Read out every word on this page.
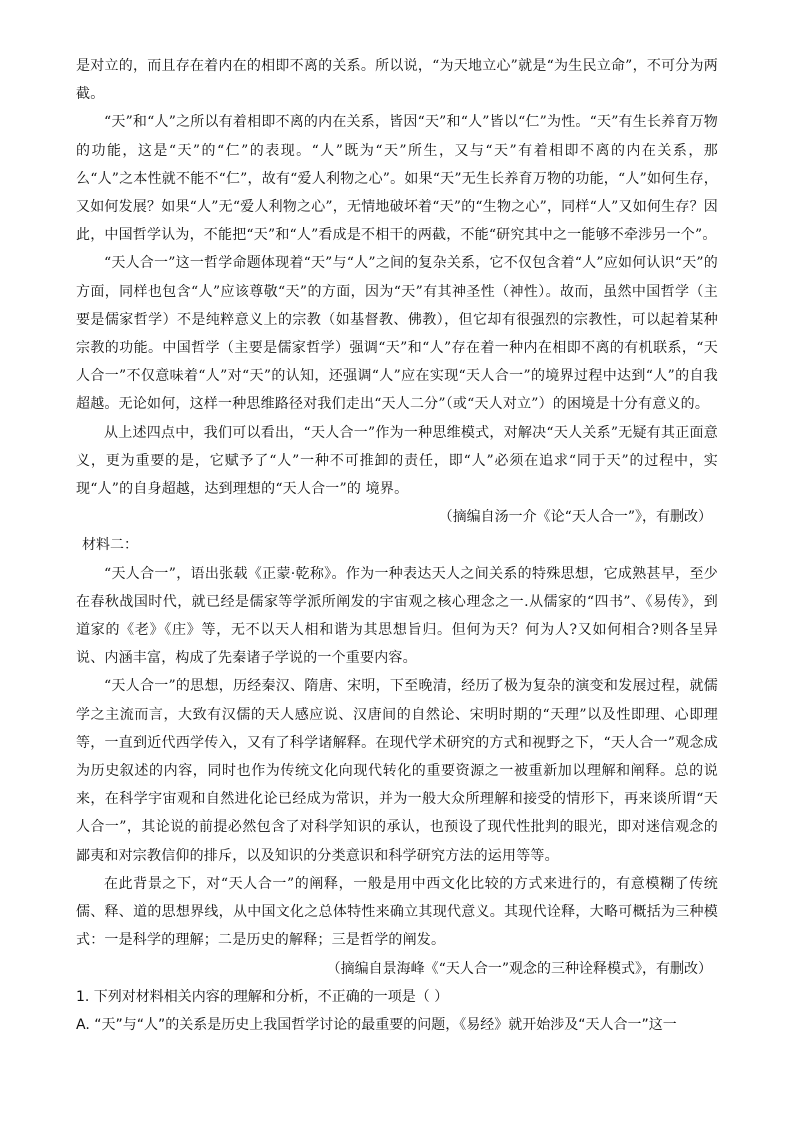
是对立的，而且存在着内在的相即不离的关系。所以说，“为天地立心”就是“为生民立命”，不可分为两截。

“天”和“人”之所以有着相即不离的内在关系，皆因“天”和“人”皆以“仁”为性。“天”有生长养育万物的功能，这是“天”的“仁”的表现。“人”既为“天”所生，又与“天”有着相即不离的内在关系，那么“人”之本性就不能不“仁”，故有“爱人利物之心”。如果“天”无生长养育万物的功能，“人”如何生存，又如何发展？如果“人”无“爱人利物之心”，无情地破坏着“天”的“生物之心”，同样“人”又如何生存？因此，中国哲学认为，不能把“天”和“人”看成是不相干的两截，不能“研究其中之一能够不牵涉另一个”。

“天人合一”这一哲学命题体现着“天”与“人”之间的复杂关系，它不仅包含着“人”应如何认识“天”的方面，同样也包含“人”应该尊敬“天”的方面，因为“天”有其神圣性（神性）。故而，虽然中国哲学（主要是儒家哲学）不是纯粹意义上的宗教（如基督教、佛教），但它却有很强烈的宗教性，可以起着某种宗教的功能。中国哲学（主要是儒家哲学）强调“天”和“人”存在着一种内在相即不离的有机联系，“天人合一”不仅意味着“人”对“天”的认知，还强调“人”应在实现“天人合一”的境界过程中达到“人”的自我超越。无论如何，这样一种思维路径对我们走出“天人二分”（或“天人对立”）的困境是十分有意义的。

从上述四点中，我们可以看出，“天人合一”作为一种思维模式，对解决“天人关系”无疑有其正面意义，更为重要的是，它赋予了“人”一种不可推卸的责任，即“人”必须在追求“同于天”的过程中，实现“人”的自身超越，达到理想的“天人合一”的 境界。

（摘编自汤一介《论“天人合一”》，有删改）

材料二：

“天人合一”，语出张载《正蒙·乾称》。作为一种表达天人之间关系的特殊思想，它成熟甚早，至少在春秋战国时代，就已经是儒家等学派所阐发的宇宙观之核心理念之一.从儒家的“四书”、《易传》，到道家的《老》《庄》等，无不以天人相和谐为其思想旨归。但何为天？何为人?又如何相合?则各呈异说、内涵丰富，构成了先秦诸子学说的一个重要内容。

“天人合一”的思想，历经秦汉、隋唐、宋明，下至晚清，经历了极为复杂的演变和发展过程，就儒学之主流而言，大致有汉儒的天人感应说、汉唐间的自然论、宋明时期的“天理”以及性即理、心即理等，一直到近代西学传入，又有了科学诸解释。在现代学术研究的方式和视野之下，“天人合一”观念成为历史叙述的内容，同时也作为传统文化向现代转化的重要资源之一被重新加以理解和阐释。总的说来，在科学宇宙观和自然进化论已经成为常识，并为一般大众所理解和接受的情形下，再来谈所谓“天人合一”，其论说的前提必然包含了对科学知识的承认，也预设了现代性批判的眼光，即对迷信观念的鄙夷和对宗教信仰的排斥，以及知识的分类意识和科学研究方法的运用等等。

在此背景之下，对“天人合一”的阐释，一般是用中西文化比较的方式来进行的，有意模糊了传统儒、释、道的思想界线，从中国文化之总体特性来确立其现代意义。其现代诠释，大略可概括为三种模式：一是科学的理解；二是历史的解释；三是哲学的阐发。

（摘编自景海峰《“天人合一”观念的三种诠释模式》，有删改）

1. 下列对材料相关内容的理解和分析，不正确的一项是（ ）

A. “天”与“人”的关系是历史上我国哲学讨论的最重要的问题，《易经》就开始涉及“天人合一”这一
